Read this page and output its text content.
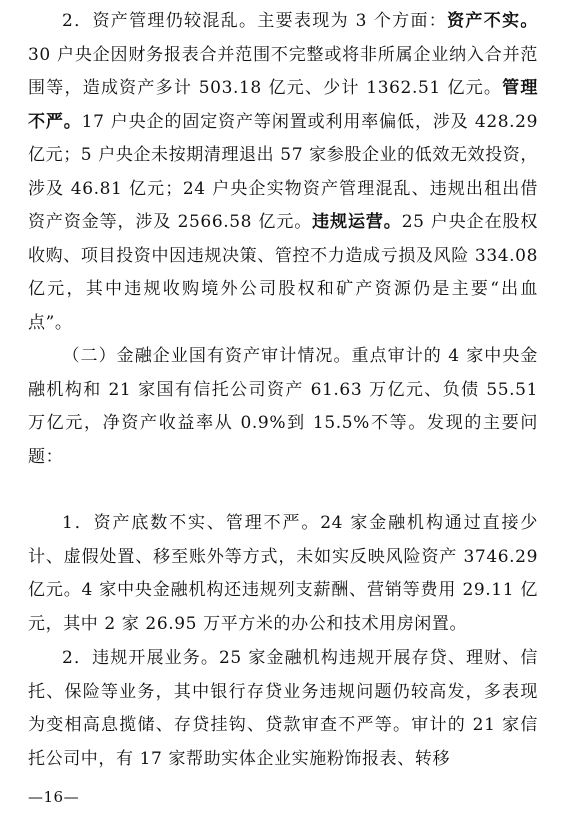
2．资产管理仍较混乱。主要表现为 3 个方面：资产不实。30 户央企因财务报表合并范围不完整或将非所属企业纳入合并范围等，造成资产多计 503.18 亿元、少计 1362.51 亿元。管理不严。17 户央企的固定资产等闲置或利用率偏低，涉及 428.29 亿元；5 户央企未按期清理退出 57 家参股企业的低效无效投资，涉及 46.81 亿元；24 户央企实物资产管理混乱、违规出租出借资产资金等，涉及 2566.58 亿元。违规运营。25 户央企在股权收购、项目投资中因违规决策、管控不力造成亏损及风险 334.08 亿元，其中违规收购境外公司股权和矿产资源仍是主要“出血点”。

（二）金融企业国有资产审计情况。重点审计的 4 家中央金融机构和 21 家国有信托公司资产 61.63 万亿元、负债 55.51 万亿元，净资产收益率从 0.9%到 15.5%不等。发现的主要问题：

1．资产底数不实、管理不严。24 家金融机构通过直接少计、虚假处置、移至账外等方式，未如实反映风险资产 3746.29 亿元。4 家中央金融机构还违规列支薪酬、营销等费用 29.11 亿元，其中 2 家 26.95 万平方米的办公和技术用房闲置。

2．违规开展业务。25 家金融机构违规开展存贷、理财、信托、保险等业务，其中银行存贷业务违规问题仍较高发，多表现为变相高息揽储、存贷挂钩、贷款审查不严等。审计的 21 家信托公司中，有 17 家帮助实体企业实施粉饰报表、转移

—16—
